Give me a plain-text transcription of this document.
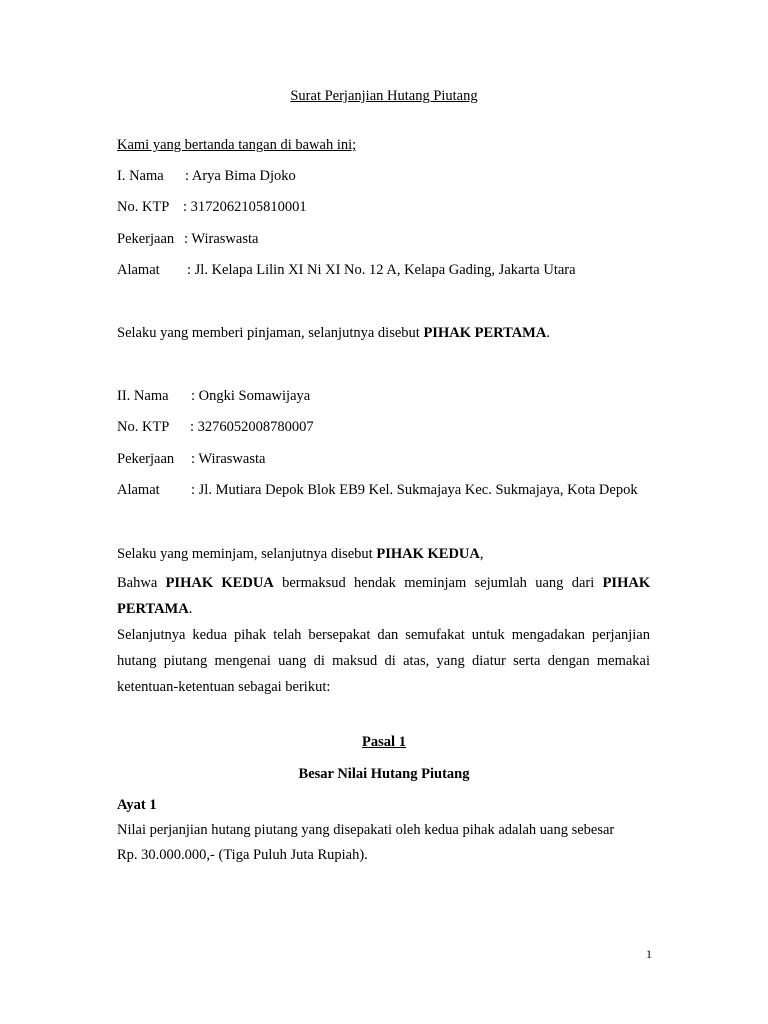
Surat Perjanjian Hutang Piutang
Kami yang bertanda tangan di bawah ini;
I. Nama : Arya Bima Djoko
No. KTP : 3172062105810001
Pekerjaan : Wiraswasta
Alamat : Jl. Kelapa Lilin XI Ni XI No. 12 A, Kelapa Gading, Jakarta Utara
Selaku yang memberi pinjaman, selanjutnya disebut PIHAK PERTAMA.
II. Nama : Ongki Somawijaya
No. KTP : 3276052008780007
Pekerjaan : Wiraswasta
Alamat : Jl. Mutiara Depok Blok EB9 Kel. Sukmajaya Kec. Sukmajaya, Kota Depok
Selaku yang meminjam, selanjutnya disebut PIHAK KEDUA,
Bahwa PIHAK KEDUA bermaksud hendak meminjam sejumlah uang dari PIHAK
PERTAMA.
Selanjutnya kedua pihak telah bersepakat dan semufakat untuk mengadakan perjanjian
hutang piutang mengenai uang di maksud di atas, yang diatur serta dengan memakai
ketentuan-ketentuan sebagai berikut:
Pasal 1
Besar Nilai Hutang Piutang
Ayat 1
Nilai perjanjian hutang piutang yang disepakati oleh kedua pihak adalah uang sebesar
Rp. 30.000.000,- (Tiga Puluh Juta Rupiah).
1
